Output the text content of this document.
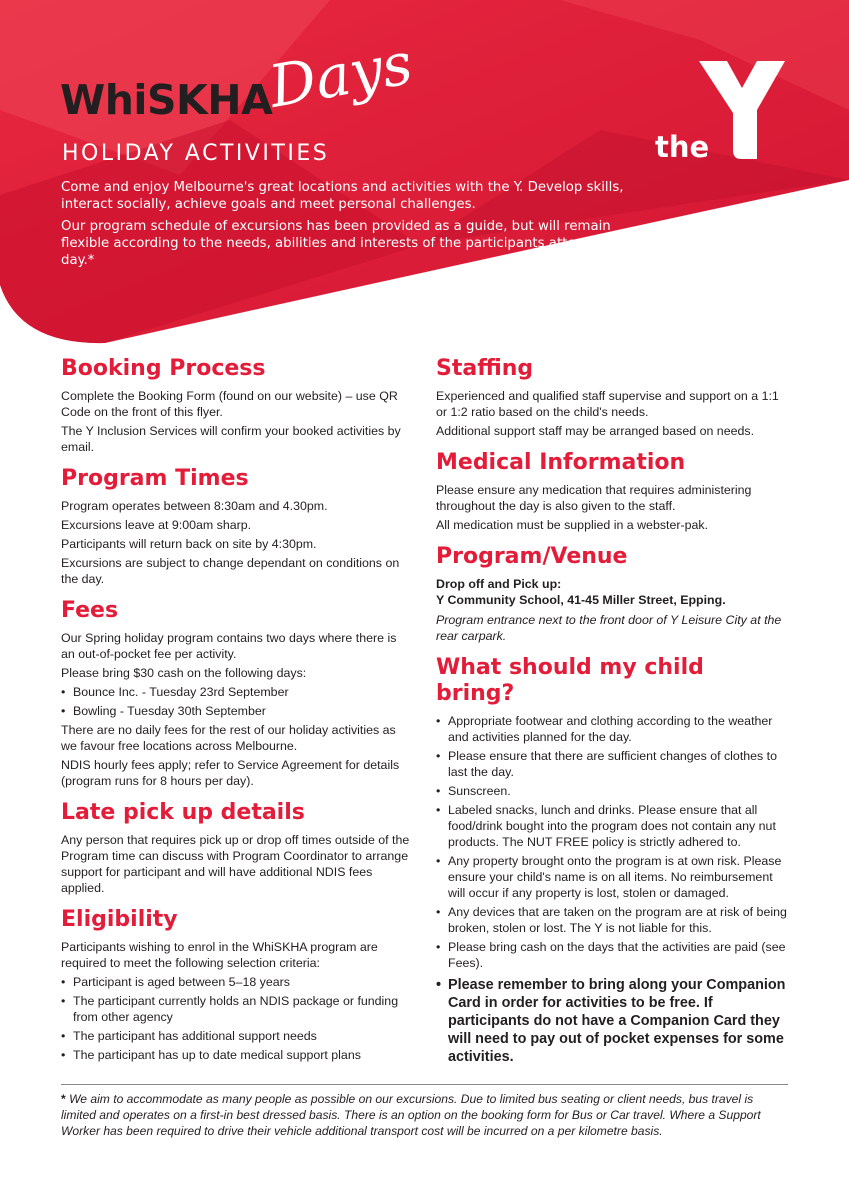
WhiSKHA
Days
HOLIDAY ACTIVITIES

Come and enjoy Melbourne's great locations and activities with the Y. Develop skills, interact socially, achieve goals and meet personal challenges.

Our program schedule of excursions has been provided as a guide, but will remain flexible according to the needs, abilities and interests of the participants attending on the day.*

the
Booking Process

Complete the Booking Form (found on our website) – use QR Code on the front of this flyer.

The Y Inclusion Services will confirm your booked activities by email.

Program Times

Program operates between 8:30am and 4.30pm.

Excursions leave at 9:00am sharp.

Participants will return back on site by 4:30pm.

Excursions are subject to change dependant on conditions on the day.

Fees

Our Spring holiday program contains two days where there is an out-of-pocket fee per activity.

Please bring $30 cash on the following days:

• Bounce Inc. - Tuesday 23rd September
• Bowling - Tuesday 30th September

There are no daily fees for the rest of our holiday activities as we favour free locations across Melbourne.

NDIS hourly fees apply; refer to Service Agreement for details (program runs for 8 hours per day).

Late pick up details

Any person that requires pick up or drop off times outside of the Program time can discuss with Program Coordinator to arrange support for participant and will have additional NDIS fees applied.

Eligibility

Participants wishing to enrol in the WhiSKHA program are required to meet the following selection criteria:

• Participant is aged between 5–18 years
• The participant currently holds an NDIS package or funding from other agency
• The participant has additional support needs
• The participant has up to date medical support plans
Staffing

Experienced and qualified staff supervise and support on a 1:1 or 1:2 ratio based on the child's needs.

Additional support staff may be arranged based on needs.

Medical Information

Please ensure any medication that requires administering throughout the day is also given to the staff.

All medication must be supplied in a webster-pak.

Program/Venue

Drop off and Pick up:

Y Community School, 41-45 Miller Street, Epping.

Program entrance next to the front door of Y Leisure City at the rear carpark.

What should my child bring?
• Appropriate footwear and clothing according to the weather and activities planned for the day.
• Please ensure that there are sufficient changes of clothes to last the day.
• Sunscreen.
• Labeled snacks, lunch and drinks. Please ensure that all food/drink bought into the program does not contain any nut products. The NUT FREE policy is strictly adhered to.
• Any property brought onto the program is at own risk. Please ensure your child's name is on all items. No reimbursement will occur if any property is lost, stolen or damaged.
• Any devices that are taken on the program are at risk of being broken, stolen or lost. The Y is not liable for this.
• Please bring cash on the days that the activities are paid (see Fees).
• Please remember to bring along your Companion Card in order for activities to be free. If participants do not have a Companion Card they will need to pay out of pocket expenses for some activities.

* We aim to accommodate as many people as possible on our excursions. Due to limited bus seating or client needs, bus travel is limited and operates on a first-in best dressed basis. There is an option on the booking form for Bus or Car travel. Where a Support Worker has been required to drive their vehicle additional transport cost will be incurred on a per kilometre basis.
